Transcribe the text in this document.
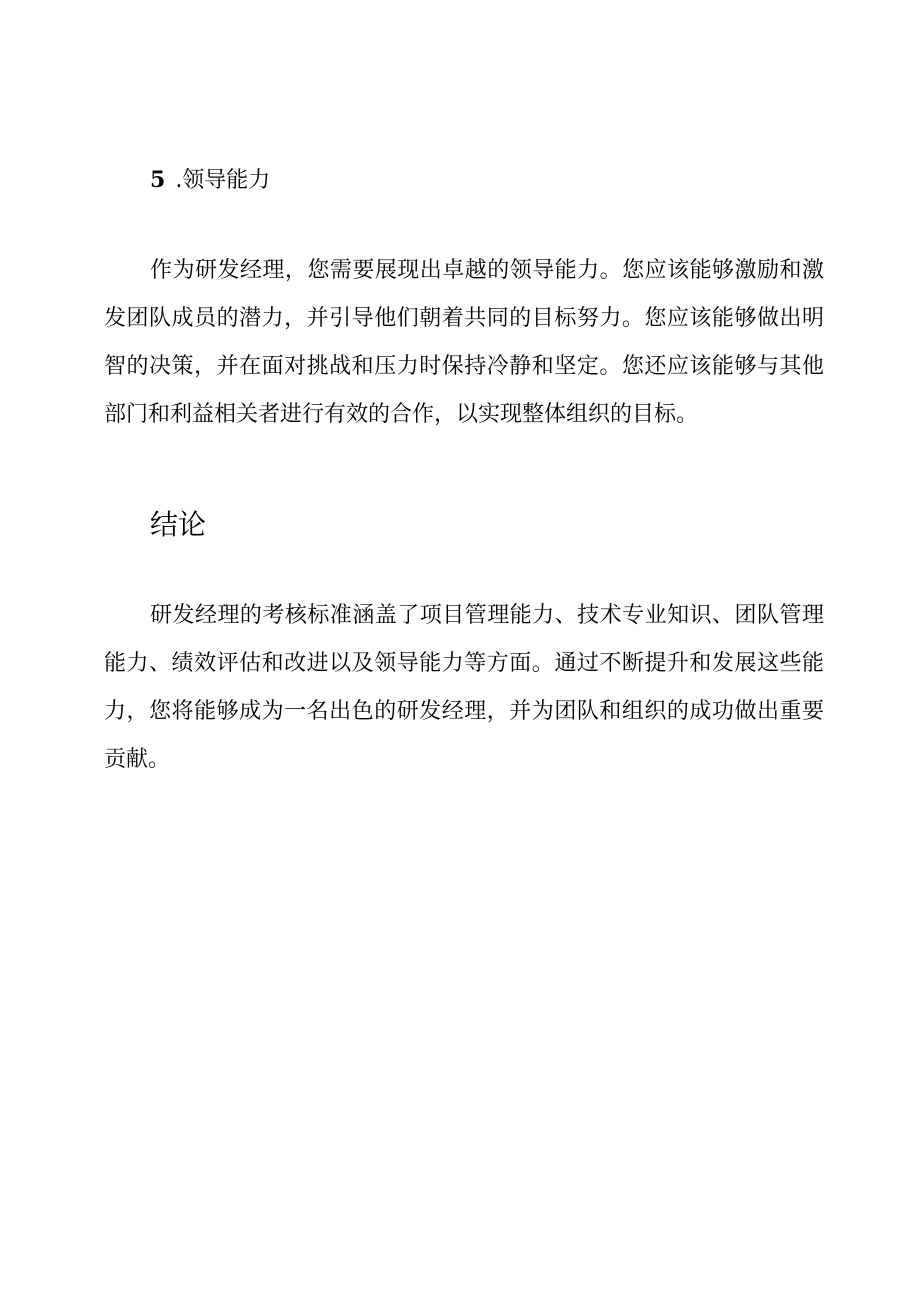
5 .领导能力

作为研发经理，您需要展现出卓越的领导能力。您应该能够激励和激发团队成员的潜力，并引导他们朝着共同的目标努力。您应该能够做出明智的决策，并在面对挑战和压力时保持冷静和坚定。您还应该能够与其他部门和利益相关者进行有效的合作，以实现整体组织的目标。

结论

研发经理的考核标准涵盖了项目管理能力、技术专业知识、团队管理能力、绩效评估和改进以及领导能力等方面。通过不断提升和发展这些能力，您将能够成为一名出色的研发经理，并为团队和组织的成功做出重要贡献。
